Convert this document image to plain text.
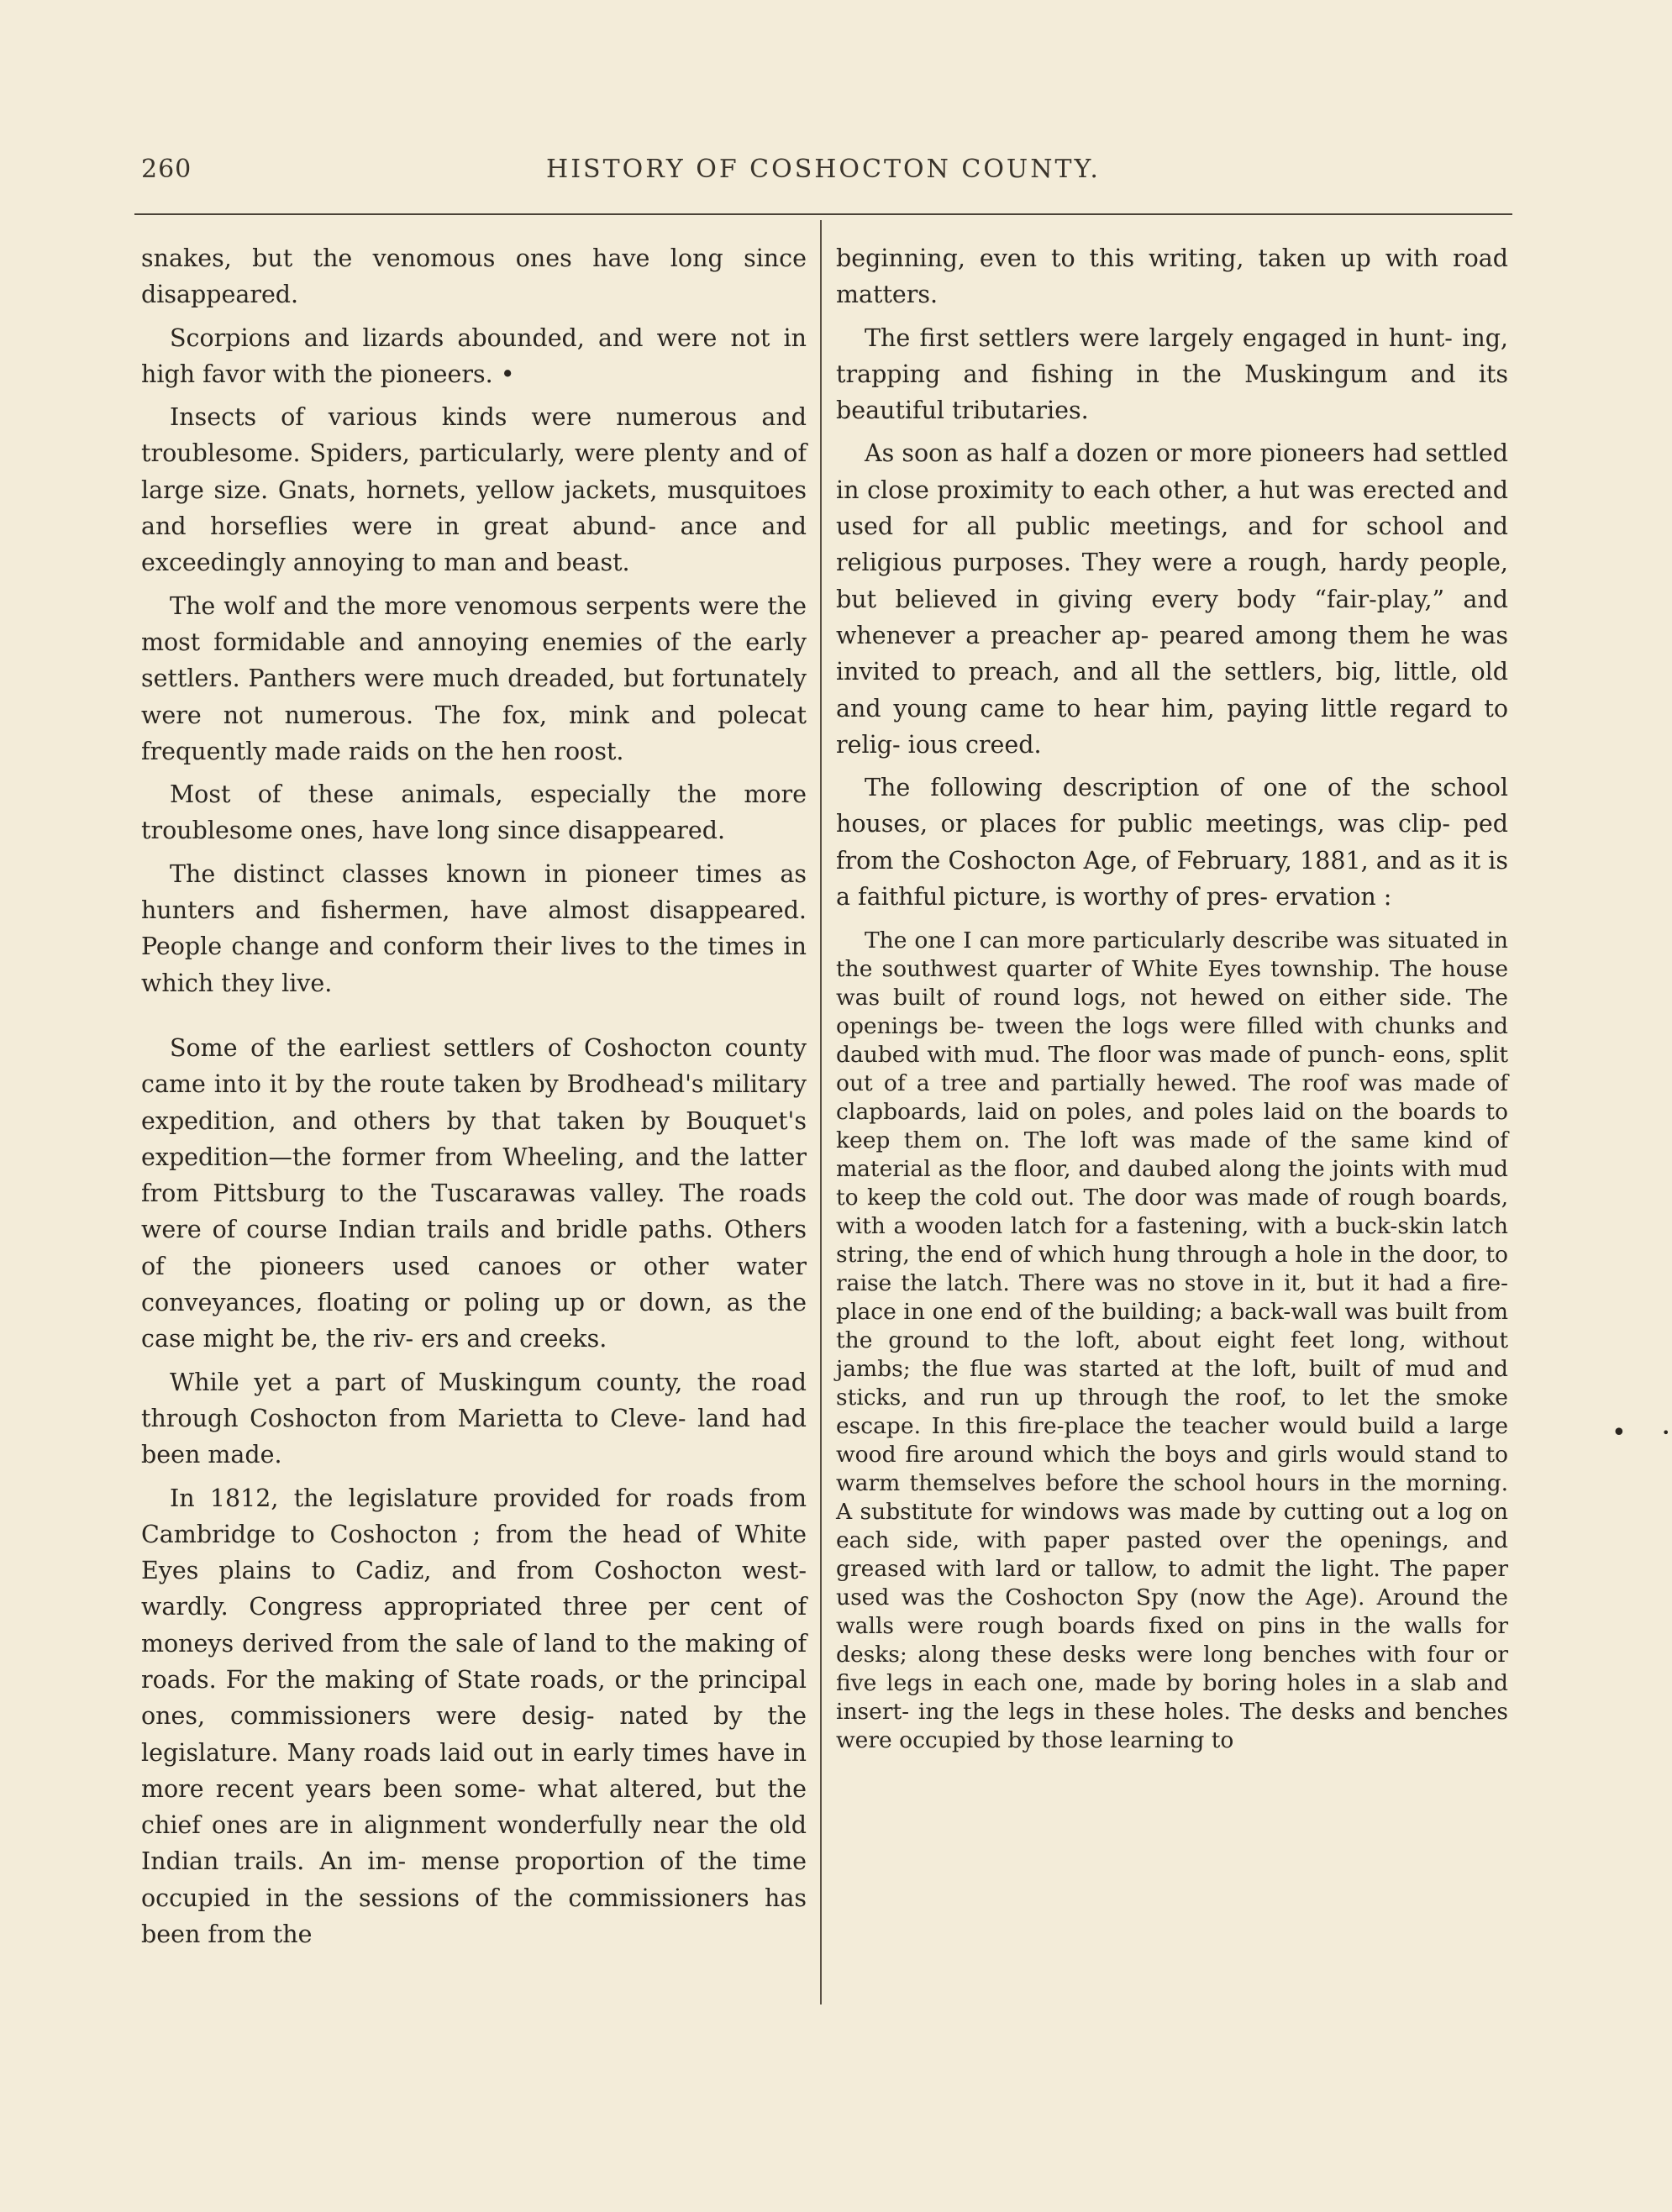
260	HISTORY OF COSHOCTON COUNTY.

snakes, but the venomous ones have long since disappeared.

Scorpions and lizards abounded, and were not in high favor with the pioneers. •

Insects of various kinds were numerous and troublesome. Spiders, particularly, were plenty and of large size. Gnats, hornets, yellow jackets, musquitoes and horseflies were in great abund- ance and exceedingly annoying to man and beast.

The wolf and the more venomous serpents were the most formidable and annoying enemies of the early settlers. Panthers were much dreaded, but fortunately were not numerous. The fox, mink and polecat frequently made raids on the hen roost.

Most of these animals, especially the more troublesome ones, have long since disappeared.

The distinct classes known in pioneer times as hunters and fishermen, have almost disappeared. People change and conform their lives to the times in which they live.

Some of the earliest settlers of Coshocton county came into it by the route taken by Brodhead's military expedition, and others by that taken by Bouquet's expedition—the former from Wheeling, and the latter from Pittsburg to the Tuscarawas valley. The roads were of course Indian trails and bridle paths. Others of the pioneers used canoes or other water conveyances, floating or poling up or down, as the case might be, the riv- ers and creeks.

While yet a part of Muskingum county, the road through Coshocton from Marietta to Cleve- land had been made.

In 1812, the legislature provided for roads from Cambridge to Coshocton ; from the head of White Eyes plains to Cadiz, and from Coshocton west- wardly. Congress appropriated three per cent of moneys derived from the sale of land to the making of roads. For the making of State roads, or the principal ones, commissioners were desig- nated by the legislature. Many roads laid out in early times have in more recent years been some- what altered, but the chief ones are in alignment wonderfully near the old Indian trails. An im- mense proportion of the time occupied in the sessions of the commissioners has been from the

beginning, even to this writing, taken up with road matters.

The first settlers were largely engaged in hunt- ing, trapping and fishing in the Muskingum and its beautiful tributaries.

As soon as half a dozen or more pioneers had settled in close proximity to each other, a hut was erected and used for all public meetings, and for school and religious purposes. They were a rough, hardy people, but believed in giving every body “fair-play,” and whenever a preacher ap- peared among them he was invited to preach, and all the settlers, big, little, old and young came to hear him, paying little regard to relig- ious creed.

The following description of one of the school houses, or places for public meetings, was clip- ped from the Coshocton Age, of February, 1881, and as it is a faithful picture, is worthy of pres- ervation :

The one I can more particularly describe was situated in the southwest quarter of White Eyes township. The house was built of round logs, not hewed on either side. The openings be- tween the logs were filled with chunks and daubed with mud. The floor was made of punch- eons, split out of a tree and partially hewed. The roof was made of clapboards, laid on poles, and poles laid on the boards to keep them on. The loft was made of the same kind of material as the floor, and daubed along the joints with mud to keep the cold out. The door was made of rough boards, with a wooden latch for a fastening, with a buck-skin latch string, the end of which hung through a hole in the door, to raise the latch. There was no stove in it, but it had a fire- place in one end of the building; a back-wall was built from the ground to the loft, about eight feet long, without jambs; the flue was started at the loft, built of mud and sticks, and run up through the roof, to let the smoke escape. In this fire-place the teacher would build a large wood fire around which the boys and girls would stand to warm themselves before the school hours in the morning. A substitute for windows was made by cutting out a log on each side, with paper pasted over the openings, and greased with lard or tallow, to admit the light. The paper used was the Coshocton Spy (now the Age). Around the walls were rough boards fixed on pins in the walls for desks; along these desks were long benches with four or five legs in each one, made by boring holes in a slab and insert- ing the legs in these holes. The desks and benches were occupied by those learning to

•	•
